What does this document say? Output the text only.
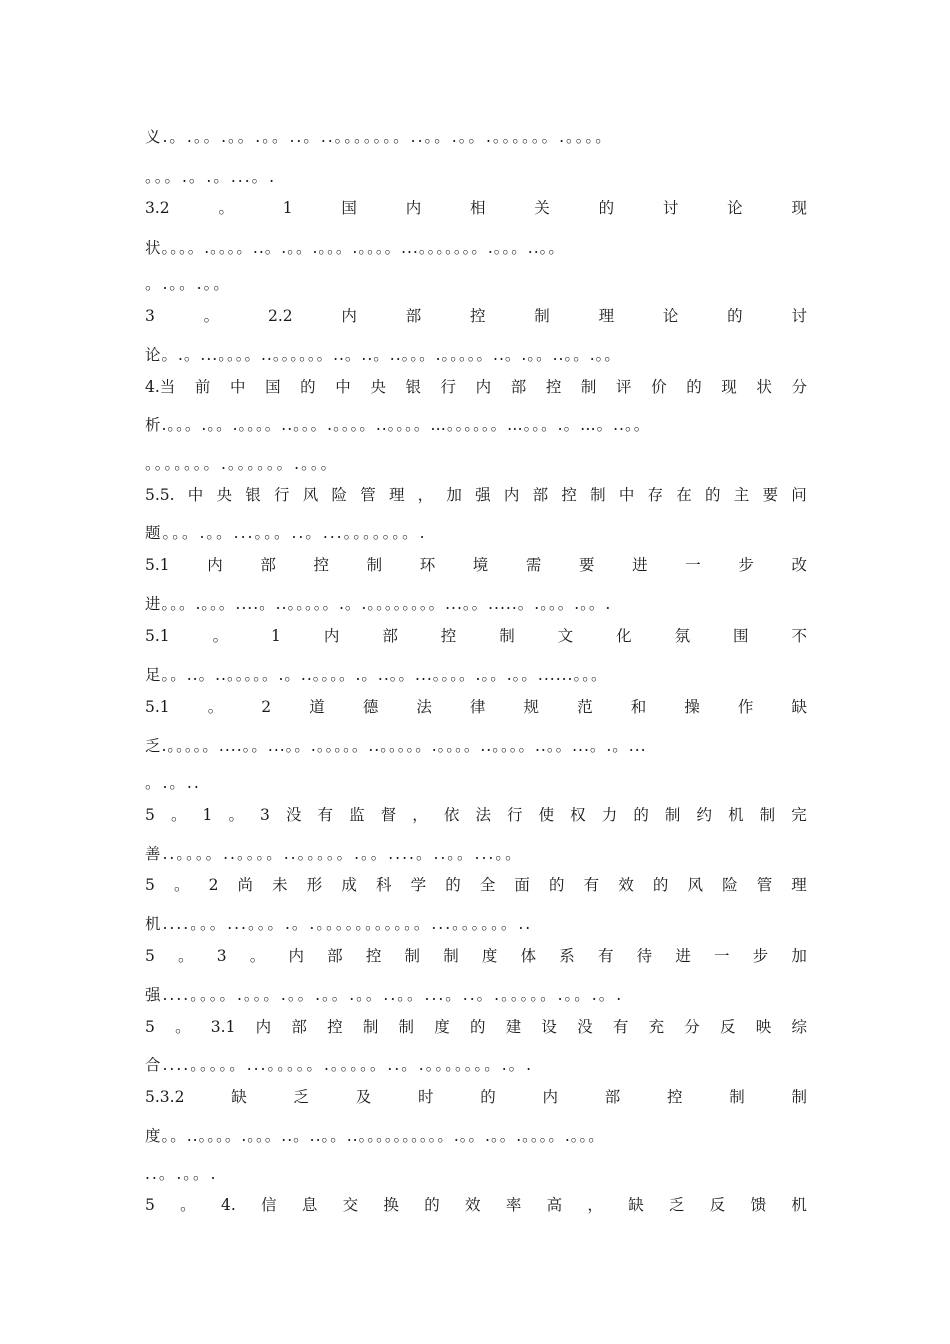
义.。.。。.。。.。。..。..。。。。。。。..。。.。。.。。。。。。.。。。。
。。。.。.。...。.
3.2	。	1	国	内	相	关	的	讨	论	现
状。。。。.。。。。..。.。。.。。。.。。。。...。。。。。。。.。。。..。。
。.。。.。。
3	。	2.2	内	部	控	制	理	论	的	讨
论。.。...。。。。..。。。。。。..。..。..。。。.。。。。。..。.。。..。。.。。
4.当 前 中 国 的 中 央 银 行 内 部 控 制 评 价 的 现 状 分
析.。。。.。。.。。。。..。。。.。。。。..。。。。…。。。。。。…。。。.。…。..。。
。。。。。。。.。。。。。。.。。。
5.5. 中 央 银 行 风 险 管 理 ， 加 强 内 部 控 制 中 存 在 的 主 要 问
题。。。.。。...。。。..。...。。。。。。。.
5.1 内 部 控 制 环 境 需 要 进 一 步 改
进。。。.。。。....。..。。。。。.。.。。。。。。。。...。。.....。.。。。.。。.
5.1	。	1	内	部	控	制	文	化	氛	围	不
足。。..。..。。。。。.。..。。。。.。..。。...。。。。.。。.。。......。。。
5.1 。 2 道 德 法 律 规 范 和 操 作 缺
乏.。。。。。....。。...。。.。。。。。..。。。。。.。。。。..。。。。..。。...。.。...
。.。..
5 。 1 。 3 没 有 监 督 ， 依 法 行 使 权 力 的 制 约 机 制 完
善..。。。。..。。。。..。。。。。.。。....。..。。...。。
5 。 2 尚 未 形 成 科 学 的 全 面 的 有 效 的 风 险 管 理
机....。。。...。。。.。.。。。。。。。。。。。...。。。。。。..
5 。 3 。 内 部 控 制 制 度 体 系 有 待 进 一 步 加
强....。。。。.。。。.。。.。。.。。..。。...。..。.。。。。。.。。.。.
5 。 3.1 内 部 控 制 制 度 的 建 设 没 有 充 分 反 映 综
合....。。。。。...。。。。。.。。。。。..。.。。。。。。。.。.
5.3.2	缺	乏	及	时	的	内	部	控	制	制
度。。..。。。。.。。。..。..。。..。。。。。。。。。。.。。.。。.。。。。.。。。
..。.。。.
5 。 4. 信 息 交 换 的 效 率 高 ， 缺 乏 反 馈 机
